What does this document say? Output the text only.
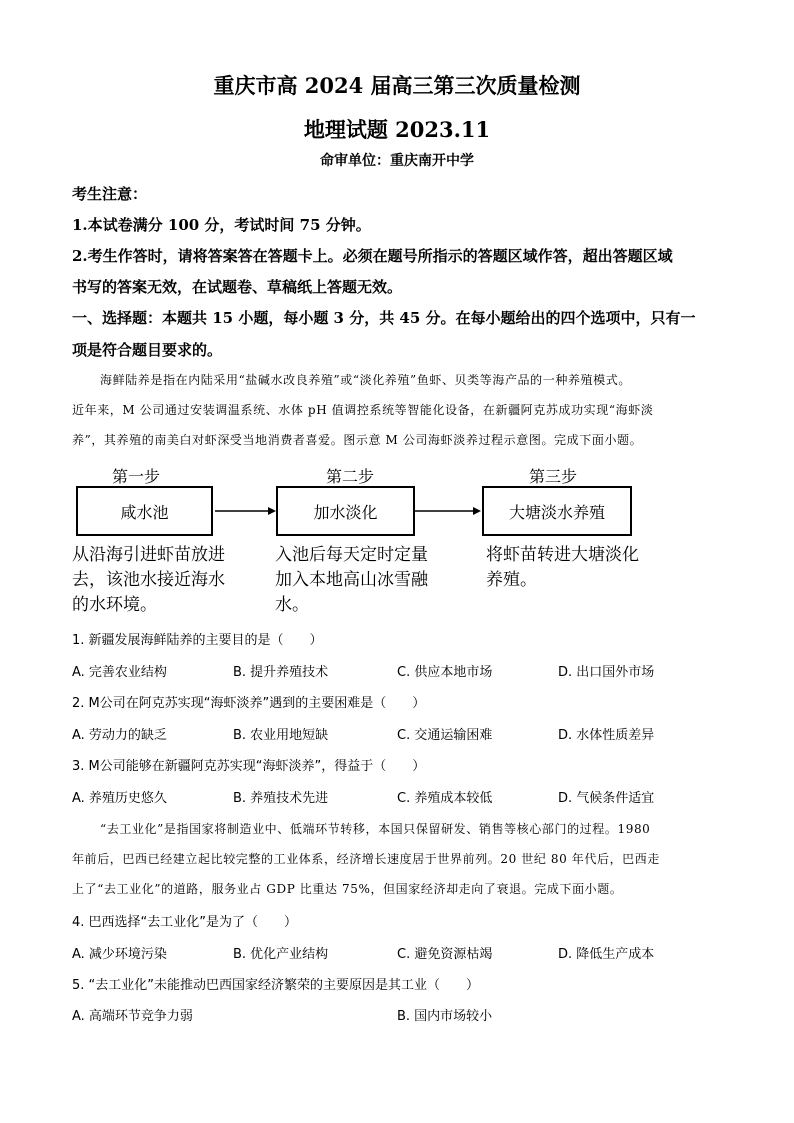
重庆市高 2024 届高三第三次质量检测
地理试题 2023.11
命审单位：重庆南开中学
考生注意：
1.本试卷满分 100 分，考试时间 75 分钟。
2.考生作答时，请将答案答在答题卡上。必须在题号所指示的答题区域作答，超出答题区域
书写的答案无效，在试题卷、草稿纸上答题无效。
一、选择题：本题共 15 小题，每小题 3 分，共 45 分。在每小题给出的四个选项中，只有一
项是符合题目要求的。
海鲜陆养是指在内陆采用“盐碱水改良养殖”或“淡化养殖”鱼虾、贝类等海产品的一种养殖模式。
近年来，M 公司通过安装调温系统、水体 pH 值调控系统等智能化设备，在新疆阿克苏成功实现“海虾淡
养”，其养殖的南美白对虾深受当地消费者喜爱。图示意 M 公司海虾淡养过程示意图。完成下面小题。
第一步	第二步	第三步
咸水池	加水淡化	大塘淡水养殖
从沿海引进虾苗放进去，该池水接近海水的水环境。
入池后每天定时定量加入本地高山冰雪融水。
将虾苗转进大塘淡化养殖。
1. 新疆发展海鲜陆养的主要目的是（　　）
A. 完善农业结构	B. 提升养殖技术	C. 供应本地市场	D. 出口国外市场
2. M公司在阿克苏实现“海虾淡养”遇到的主要困难是（　　）
A. 劳动力的缺乏	B. 农业用地短缺	C. 交通运输困难	D. 水体性质差异
3. M公司能够在新疆阿克苏实现“海虾淡养”，得益于（　　）
A. 养殖历史悠久	B. 养殖技术先进	C. 养殖成本较低	D. 气候条件适宜
“去工业化”是指国家将制造业中、低端环节转移，本国只保留研发、销售等核心部门的过程。1980
年前后，巴西已经建立起比较完整的工业体系，经济增长速度居于世界前列。20 世纪 80 年代后，巴西走
上了“去工业化”的道路，服务业占 GDP 比重达 75%，但国家经济却走向了衰退。完成下面小题。
4. 巴西选择“去工业化”是为了（　　）
A. 减少环境污染	B. 优化产业结构	C. 避免资源枯竭	D. 降低生产成本
5. “去工业化”未能推动巴西国家经济繁荣的主要原因是其工业（　　）
A. 高端环节竞争力弱	B. 国内市场较小
